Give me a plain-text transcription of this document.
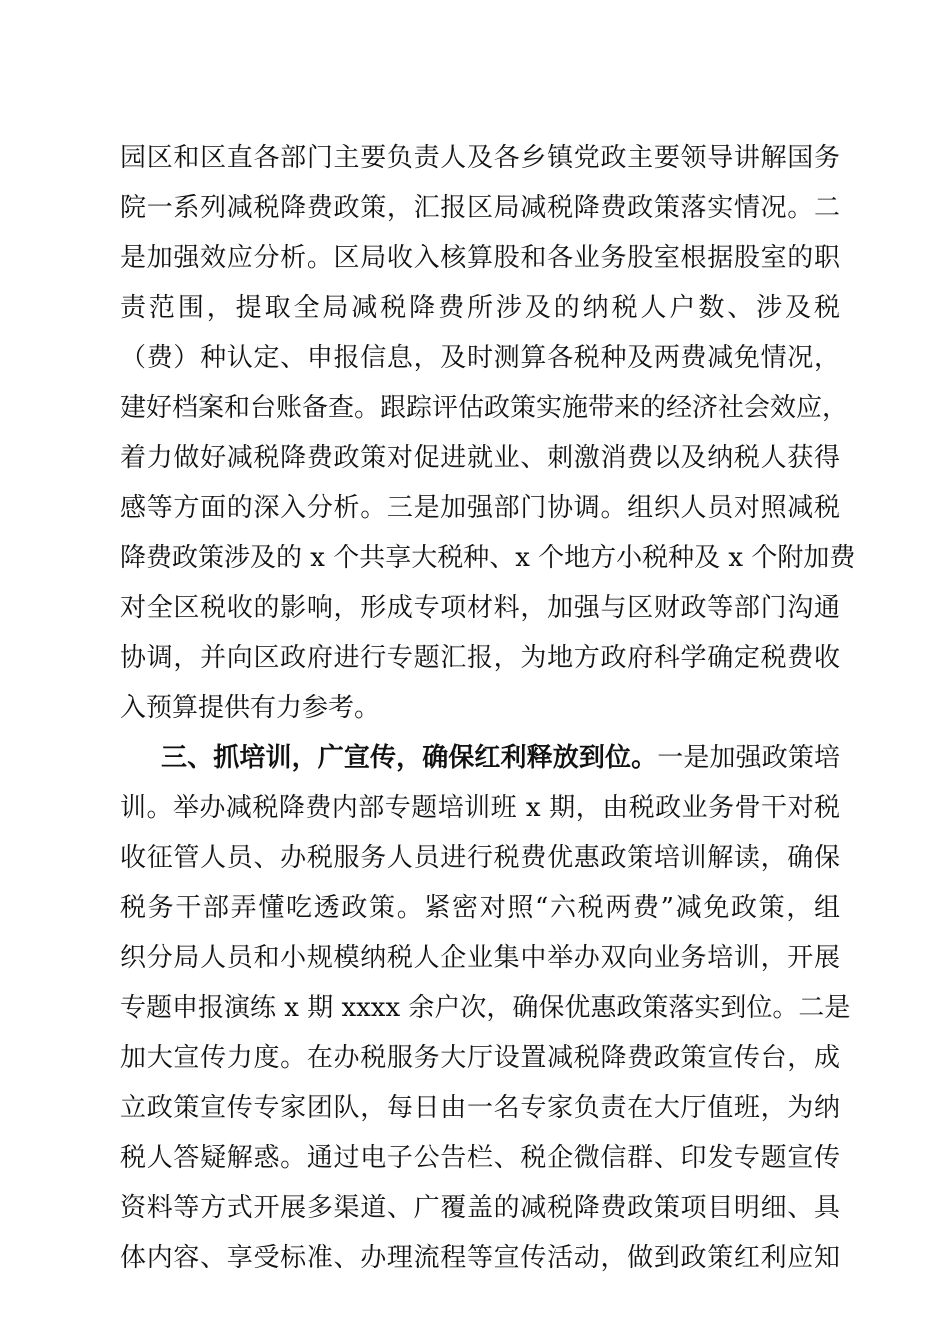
园区和区直各部门主要负责人及各乡镇党政主要领导讲解国务
院一系列减税降费政策，汇报区局减税降费政策落实情况。二
是加强效应分析。区局收入核算股和各业务股室根据股室的职
责范围，提取全局减税降费所涉及的纳税人户数、涉及税
（费）种认定、申报信息，及时测算各税种及两费减免情况，
建好档案和台账备查。跟踪评估政策实施带来的经济社会效应，
着力做好减税降费政策对促进就业、刺激消费以及纳税人获得
感等方面的深入分析。三是加强部门协调。组织人员对照减税
降费政策涉及的 x 个共享大税种、x 个地方小税种及 x 个附加费
对全区税收的影响，形成专项材料，加强与区财政等部门沟通
协调，并向区政府进行专题汇报，为地方政府科学确定税费收
入预算提供有力参考。
三、抓培训，广宣传，确保红利释放到位。一是加强政策培
训。举办减税降费内部专题培训班 x 期，由税政业务骨干对税
收征管人员、办税服务人员进行税费优惠政策培训解读，确保
税务干部弄懂吃透政策。紧密对照“六税两费”减免政策，组
织分局人员和小规模纳税人企业集中举办双向业务培训，开展
专题申报演练 x 期 xxxx 余户次，确保优惠政策落实到位。二是
加大宣传力度。在办税服务大厅设置减税降费政策宣传台，成
立政策宣传专家团队，每日由一名专家负责在大厅值班，为纳
税人答疑解惑。通过电子公告栏、税企微信群、印发专题宣传
资料等方式开展多渠道、广覆盖的减税降费政策项目明细、具
体内容、享受标准、办理流程等宣传活动，做到政策红利应知
